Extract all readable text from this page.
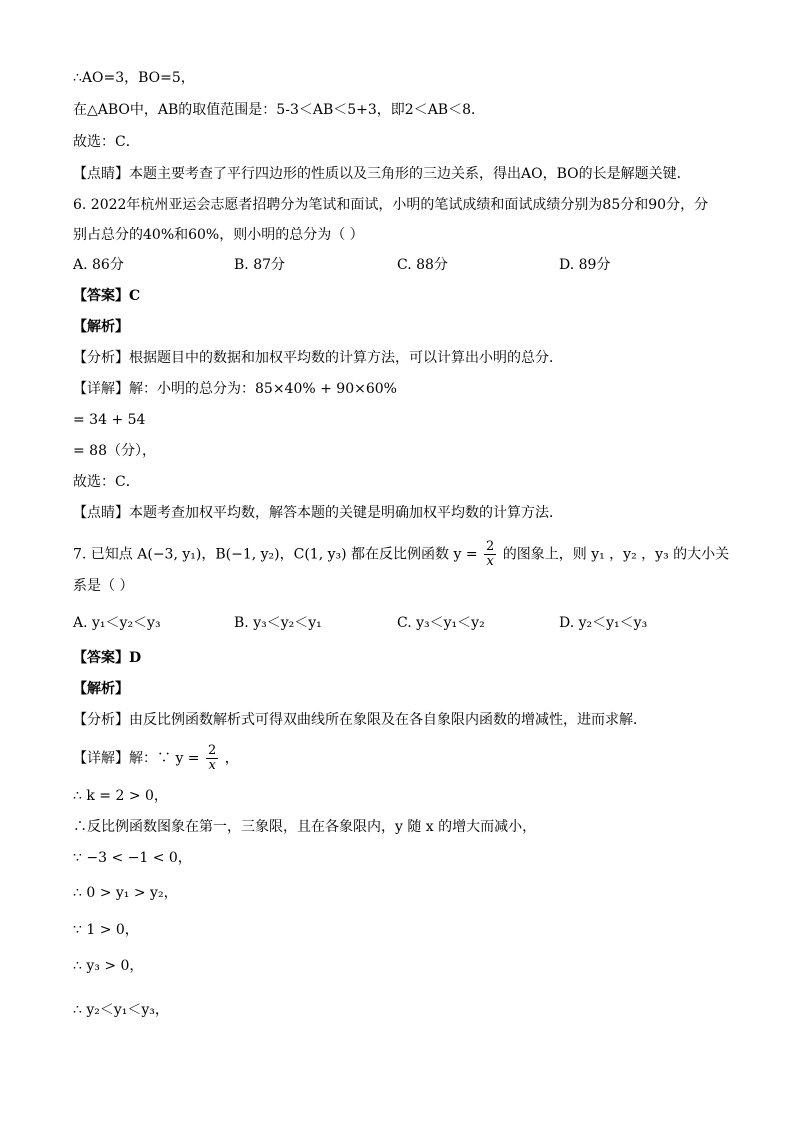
∴AO=3，BO=5，
在△ABO中，AB的取值范围是：5-3＜AB＜5+3，即2＜AB＜8．
故选：C．
【点睛】本题主要考查了平行四边形的性质以及三角形的三边关系，得出AO，BO的长是解题关键．
6. 2022年杭州亚运会志愿者招聘分为笔试和面试，小明的笔试成绩和面试成绩分别为85分和90分，分
别占总分的40%和60%，则小明的总分为（ ）
A. 86分	B. 87分	C. 88分	D. 89分
【答案】C
【解析】
【分析】根据题目中的数据和加权平均数的计算方法，可以计算出小明的总分．
【详解】解：小明的总分为：85×40% + 90×60%
= 34 + 54
= 88（分），
故选：C．
【点睛】本题考查加权平均数，解答本题的关键是明确加权平均数的计算方法．
7. 已知点 A(−3, y₁)，B(−1, y₂)，C(1, y₃) 都在反比例函数 $y = \frac{2}{x}$ 的图象上，则 y₁ ，y₂ ，y₃ 的大小关
系是（ ）
A. y₁＜y₂＜y₃	B. y₃＜y₂＜y₁	C. y₃＜y₁＜y₂	D. y₂＜y₁＜y₃
【答案】D
【解析】
【分析】由反比例函数解析式可得双曲线所在象限及在各自象限内函数的增减性，进而求解．
【详解】解：∵ $y = \frac{2}{x}$ ，
∴ k = 2 > 0，
∴反比例函数图象在第一，三象限，且在各象限内，y 随 x 的增大而减小，
∵ −3 < −1 < 0，
∴ 0 > y₁ > y₂，
∵ 1 > 0，
∴ y₃ > 0，
∴ y₂＜y₁＜y₃，
